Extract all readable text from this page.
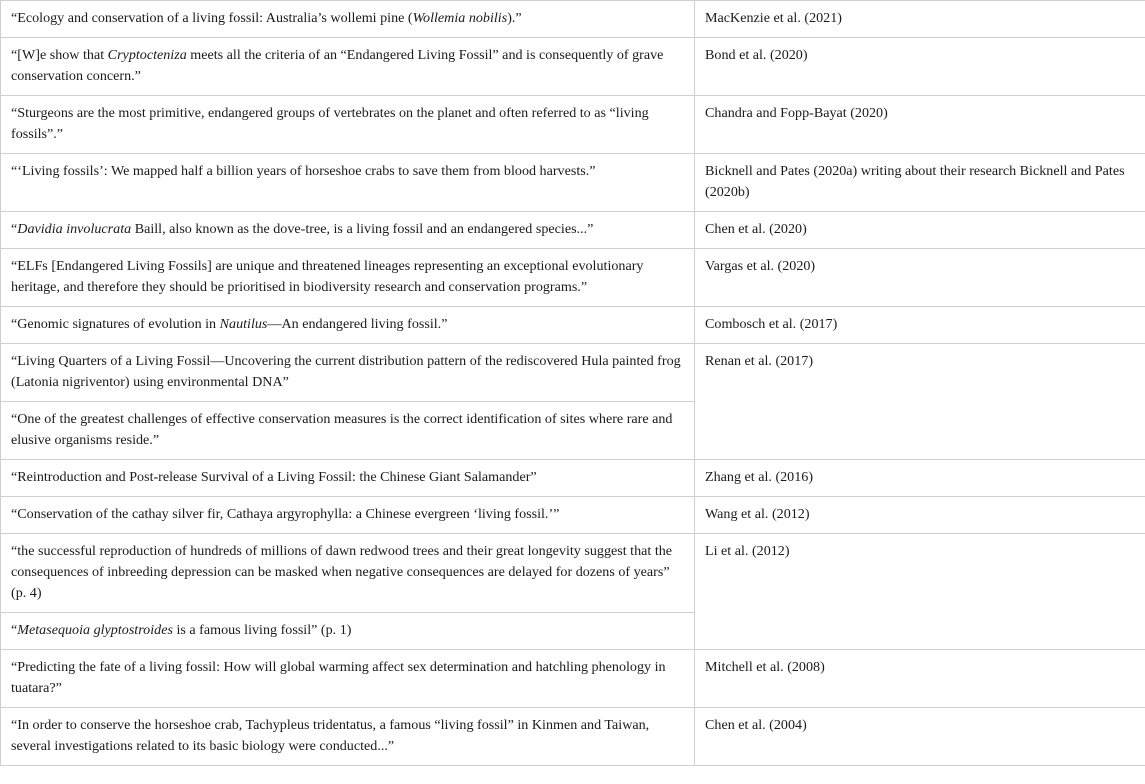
“Ecology and conservation of a living fossil: Australia’s wollemi pine (Wollemia nobilis).”	MacKenzie et al. (2021)
“[W]e show that Cryptocteniza meets all the criteria of an “Endangered Living Fossil” and is consequently of grave conservation concern.”	Bond et al. (2020)
“Sturgeons are the most primitive, endangered groups of vertebrates on the planet and often referred to as “living fossils”.”	Chandra and Fopp-Bayat (2020)
“‘Living fossils’: We mapped half a billion years of horseshoe crabs to save them from blood harvests.”	Bicknell and Pates (2020a) writing about their research Bicknell and Pates (2020b)
“Davidia involucrata Baill, also known as the dove-tree, is a living fossil and an endangered species...”	Chen et al. (2020)
“ELFs [Endangered Living Fossils] are unique and threatened lineages representing an exceptional evolutionary heritage, and therefore they should be prioritised in biodiversity research and conservation programs.”	Vargas et al. (2020)
“Genomic signatures of evolution in Nautilus—An endangered living fossil.”	Combosch et al. (2017)
“Living Quarters of a Living Fossil—Uncovering the current distribution pattern of the rediscovered Hula painted frog (Latonia nigriventor) using environmental DNA”	Renan et al. (2017)
“One of the greatest challenges of effective conservation measures is the correct identification of sites where rare and elusive organisms reside.”	
“Reintroduction and Post-release Survival of a Living Fossil: the Chinese Giant Salamander”	Zhang et al. (2016)
“Conservation of the cathay silver fir, Cathaya argyrophylla: a Chinese evergreen ‘living fossil.’”	Wang et al. (2012)
“the successful reproduction of hundreds of millions of dawn redwood trees and their great longevity suggest that the consequences of inbreeding depression can be masked when negative consequences are delayed for dozens of years” (p. 4)	Li et al. (2012)
“Metasequoia glyptostroides is a famous living fossil” (p. 1)	
“Predicting the fate of a living fossil: How will global warming affect sex determination and hatchling phenology in tuatara?”	Mitchell et al. (2008)
“In order to conserve the horseshoe crab, Tachypleus tridentatus, a famous “living fossil” in Kinmen and Taiwan, several investigations related to its basic biology were conducted...”	Chen et al. (2004)
